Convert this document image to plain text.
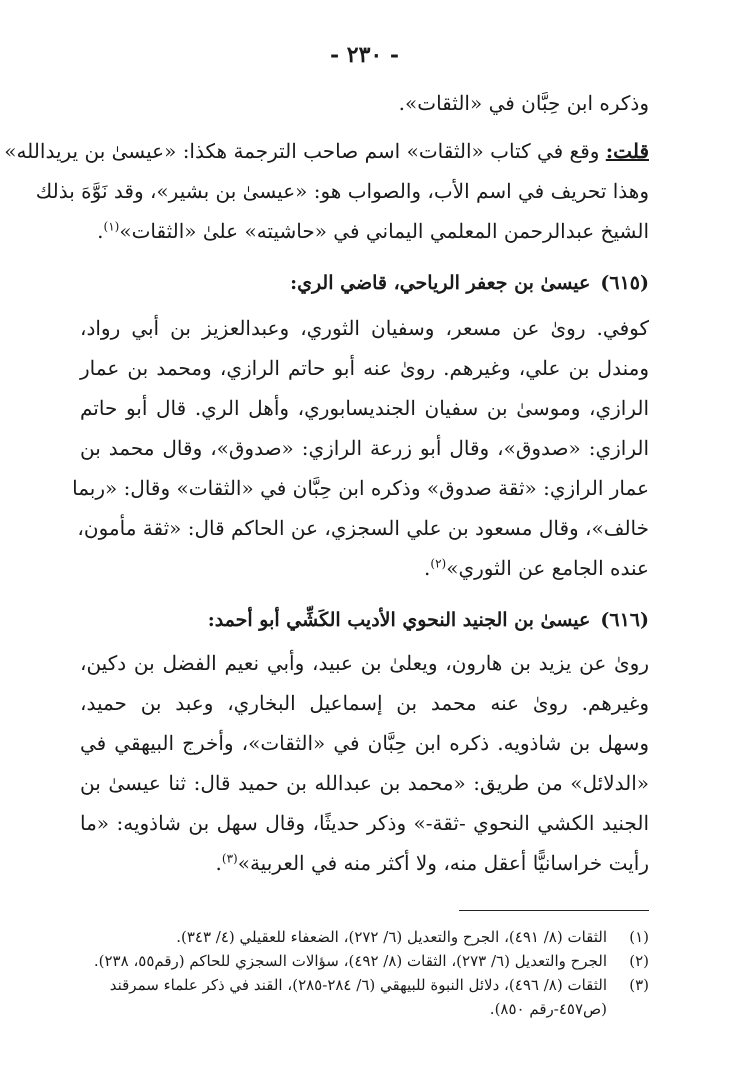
- ٢٣٠ -
وذكره ابن حِبَّان في «الثقات».
قلت: وقع في كتاب «الثقات» اسم صاحب الترجمة هكذا: «عيسىٰ بن يريدالله»
وهذا تحريف في اسم الأب، والصواب هو: «عيسىٰ بن بشير»، وقد نَوَّهَ بذلك
الشيخ عبدالرحمن المعلمي اليماني في «حاشيته» علىٰ «الثقات»$^{(١)}$.
(٦١٥)عيسىٰ بن جعفر الرياحي، قاضي الري:
كوفي. روىٰ عن مسعر، وسفيان الثوري، وعبدالعزيز بن أبي رواد،
ومندل بن علي، وغيرهم. روىٰ عنه أبو حاتم الرازي، ومحمد بن عمار
الرازي، وموسىٰ بن سفيان الجنديسابوري، وأهل الري. قال أبو حاتم
الرازي: «صدوق»، وقال أبو زرعة الرازي: «صدوق»، وقال محمد بن
عمار الرازي: «ثقة صدوق» وذكره ابن حِبَّان في «الثقات» وقال: «ربما
خالف»، وقال مسعود بن علي السجزي، عن الحاكم قال: «ثقة مأمون،
عنده الجامع عن الثوري»$^{(٢)}$.
(٦١٦)عيسىٰ بن الجنيد النحوي الأديب الكَشِّي أبو أحمد:
روىٰ عن يزيد بن هارون، ويعلىٰ بن عبيد، وأبي نعيم الفضل بن دكين،
وغيرهم. روىٰ عنه محمد بن إسماعيل البخاري، وعبد بن حميد،
وسهل بن شاذويه. ذكره ابن حِبَّان في «الثقات»، وأخرج البيهقي في
«الدلائل» من طريق: «محمد بن عبدالله بن حميد قال: ثنا عيسىٰ بن
الجنيد الكشي النحوي -ثقة-» وذكر حديثًا، وقال سهل بن شاذويه: «ما
رأيت خراسانيًّا أعقل منه، ولا أكثر منه في العربية»$^{(٣)}$.
(١)الثقات (٨/ ٤٩١)، الجرح والتعديل (٦/ ٢٧٢)، الضعفاء للعقيلي (٤/ ٣٤٣).
(٢)الجرح والتعديل (٦/ ٢٧٣)، الثقات (٨/ ٤٩٢)، سؤالات السجزي للحاكم (رقم٥٥، ٢٣٨).
(٣)الثقات (٨/ ٤٩٦)، دلائل النبوة للبيهقي (٦/ ٢٨٤-٢٨٥)، القند في ذكر علماء سمرقند
(ص٤٥٧-رقم ٨٥٠).
